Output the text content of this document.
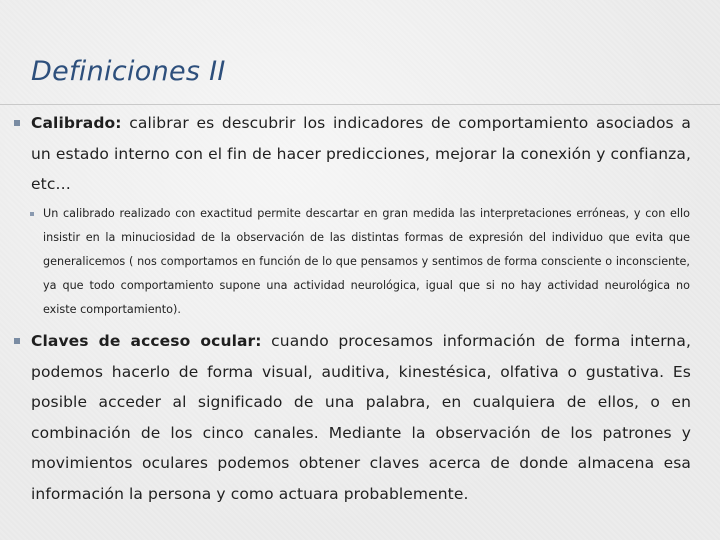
Definiciones II
Calibrado: calibrar es descubrir los indicadores de comportamiento asociados a un estado interno con el fin de hacer predicciones, mejorar la conexión y confianza, etc…
Un calibrado realizado con exactitud permite descartar en gran medida las interpretaciones erróneas, y con ello insistir en la minuciosidad de la observación de las distintas formas de expresión del individuo que evita que generalicemos ( nos comportamos en función de lo que pensamos y sentimos de forma consciente o inconsciente, ya que todo comportamiento supone una actividad neurológica, igual que si no hay actividad neurológica no existe comportamiento).
Claves de acceso ocular: cuando procesamos información de forma interna, podemos hacerlo de forma visual, auditiva, kinestésica, olfativa o gustativa. Es posible acceder al significado de una palabra, en cualquiera de ellos, o en combinación de los cinco canales. Mediante la observación de los patrones y movimientos oculares podemos obtener claves acerca de donde almacena esa información la persona y como actuara probablemente.
